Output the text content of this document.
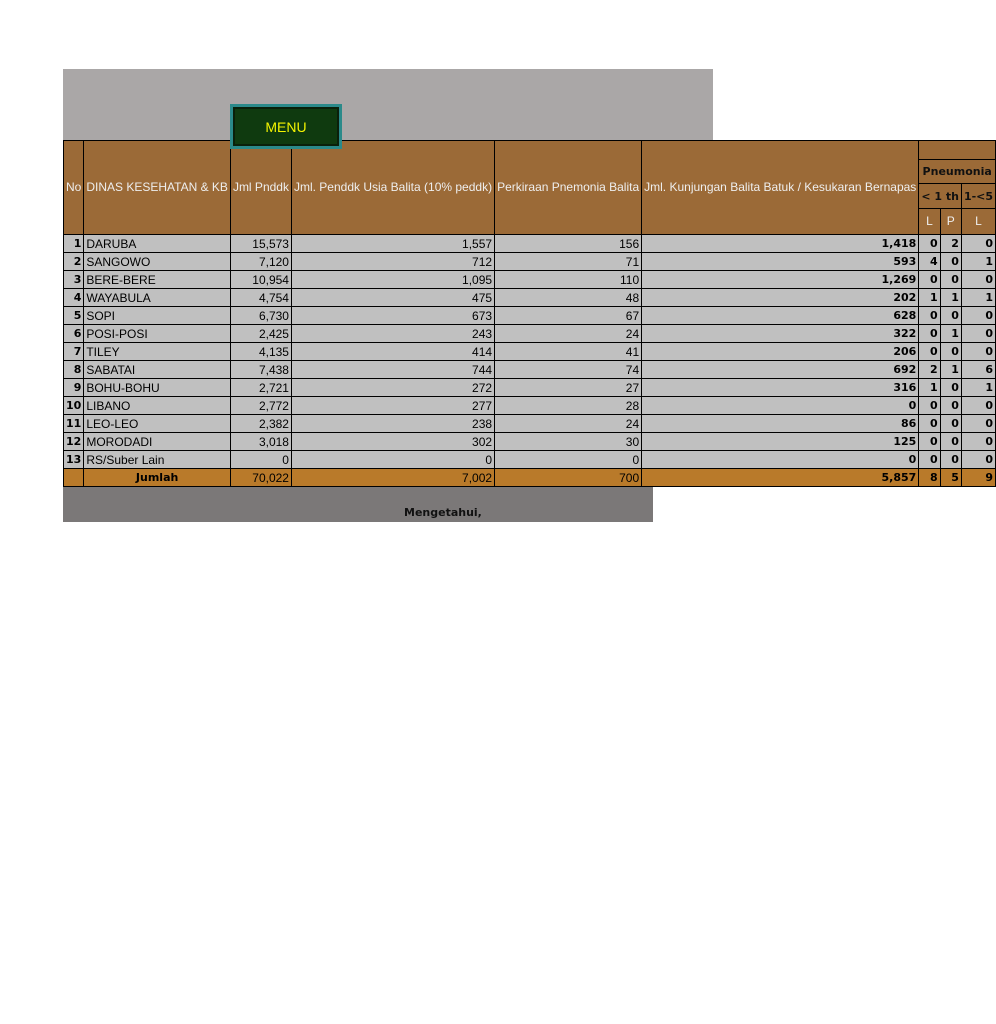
MENU
No	DINAS KESEHATAN & KB	Jml Pnddk	Jml. Penddk Usia Balita (10% peddk)	Perkiraan Pnemonia Balita	Jml. Kunjungan Balita Batuk / Kesukaran Bernapas			
						Pneumonia		
						< 1 th		1-<5
						L	P	L
1	DARUBA	15,573	1,557	156	1,418	0	2	0
2	SANGOWO	7,120	712	71	593	4	0	1
3	BERE-BERE	10,954	1,095	110	1,269	0	0	0
4	WAYABULA	4,754	475	48	202	1	1	1
5	SOPI	6,730	673	67	628	0	0	0
6	POSI-POSI	2,425	243	24	322	0	1	0
7	TILEY	4,135	414	41	206	0	0	0
8	SABATAI	7,438	744	74	692	2	1	6
9	BOHU-BOHU	2,721	272	27	316	1	0	1
10	LIBANO	2,772	277	28	0	0	0	0
11	LEO-LEO	2,382	238	24	86	0	0	0
12	MORODADI	3,018	302	30	125	0	0	0
13	RS/Suber Lain	0	0	0	0	0	0	0
	Jumlah	70,022	7,002	700	5,857	8	5	9
Mengetahui,
